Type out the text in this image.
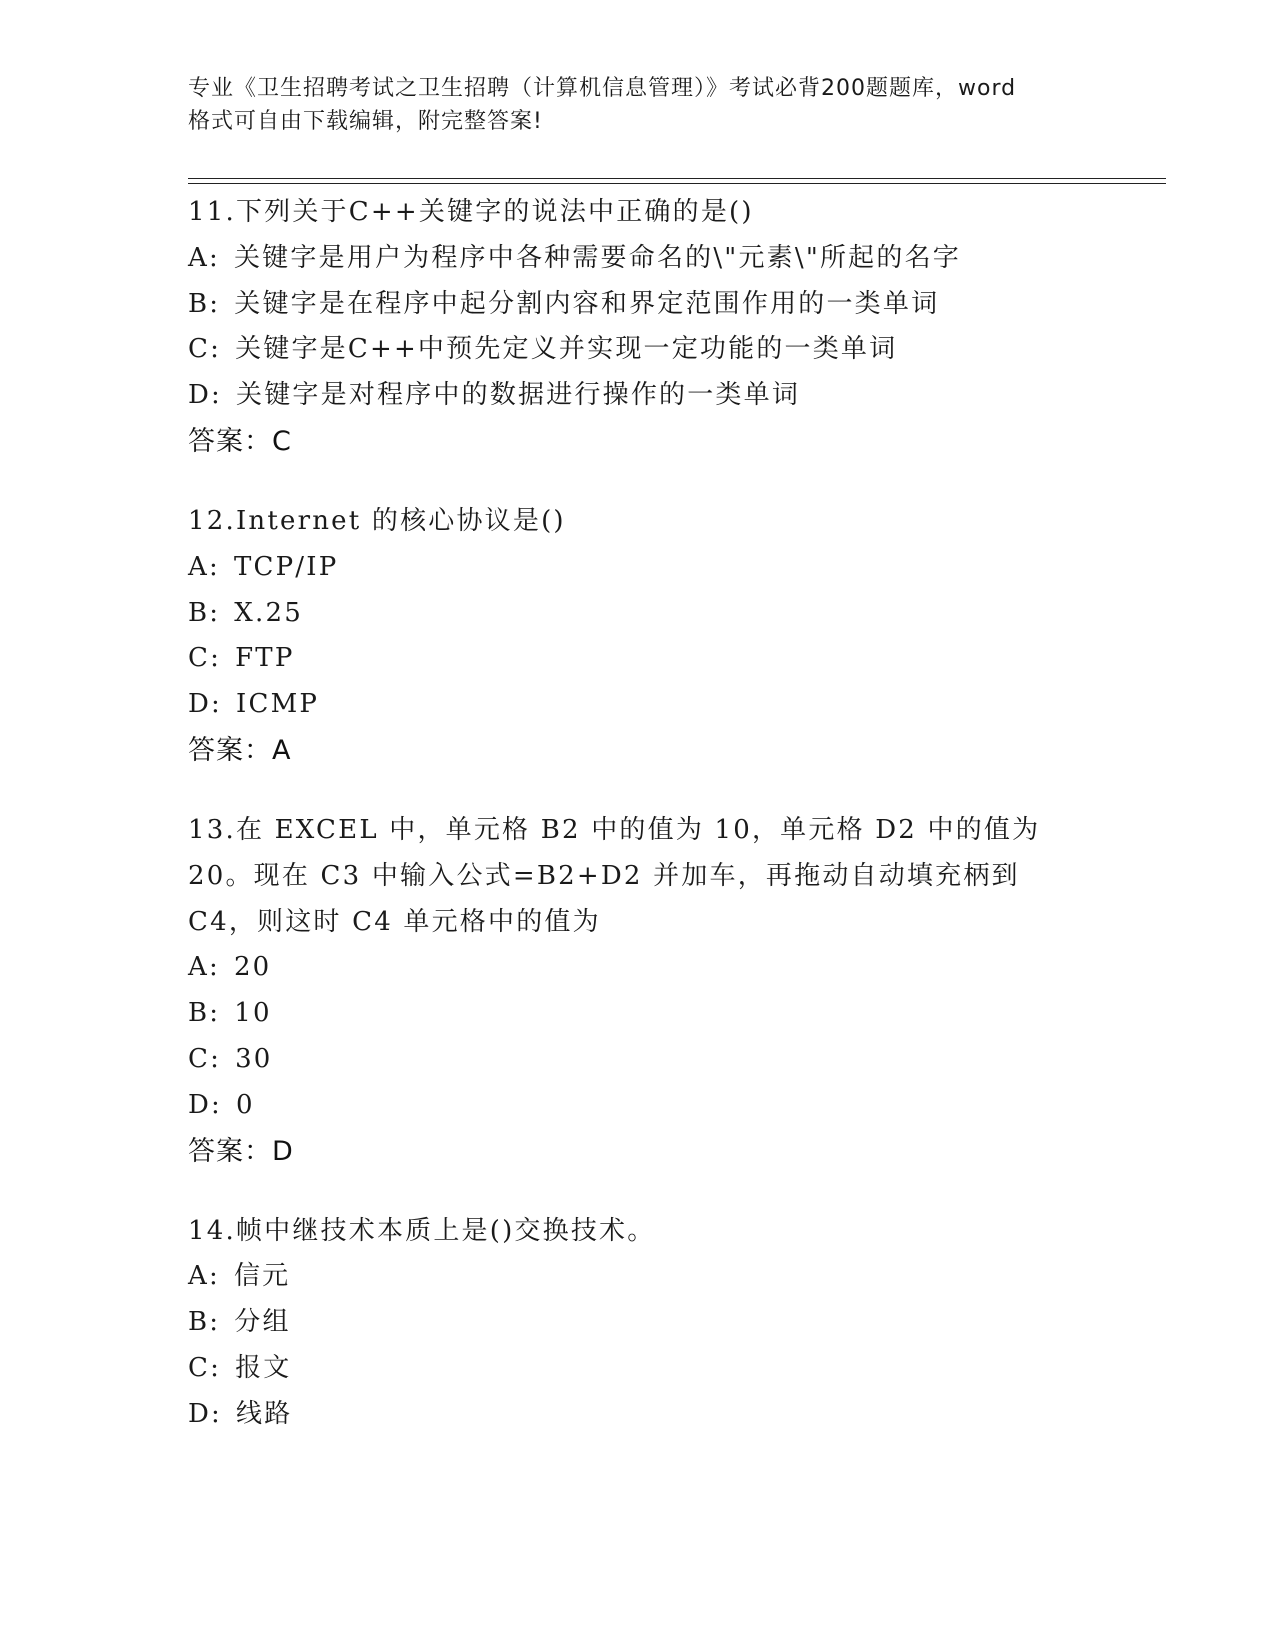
专业《卫生招聘考试之卫生招聘（计算机信息管理）》考试必背200题题库，word
格式可自由下载编辑，附完整答案!
11.下列关于C++关键字的说法中正确的是()
A: 关键字是用户为程序中各种需要命名的\"元素\"所起的名字
B: 关键字是在程序中起分割内容和界定范围作用的一类单词
C: 关键字是C++中预先定义并实现一定功能的一类单词
D: 关键字是对程序中的数据进行操作的一类单词
答案：C
12.Internet 的核心协议是()
A: TCP/IP
B: X.25
C: FTP
D: ICMP
答案：A
13.在 EXCEL 中，单元格 B2 中的值为 10，单元格 D2 中的值为 20。现在 C3 中输入公式=B2+D2 并加车，再拖动自动填充柄到 C4，则这时 C4 单元格中的值为
A: 20
B: 10
C: 30
D: 0
答案：D
14.帧中继技术本质上是()交换技术。
A: 信元
B: 分组
C: 报文
D: 线路
